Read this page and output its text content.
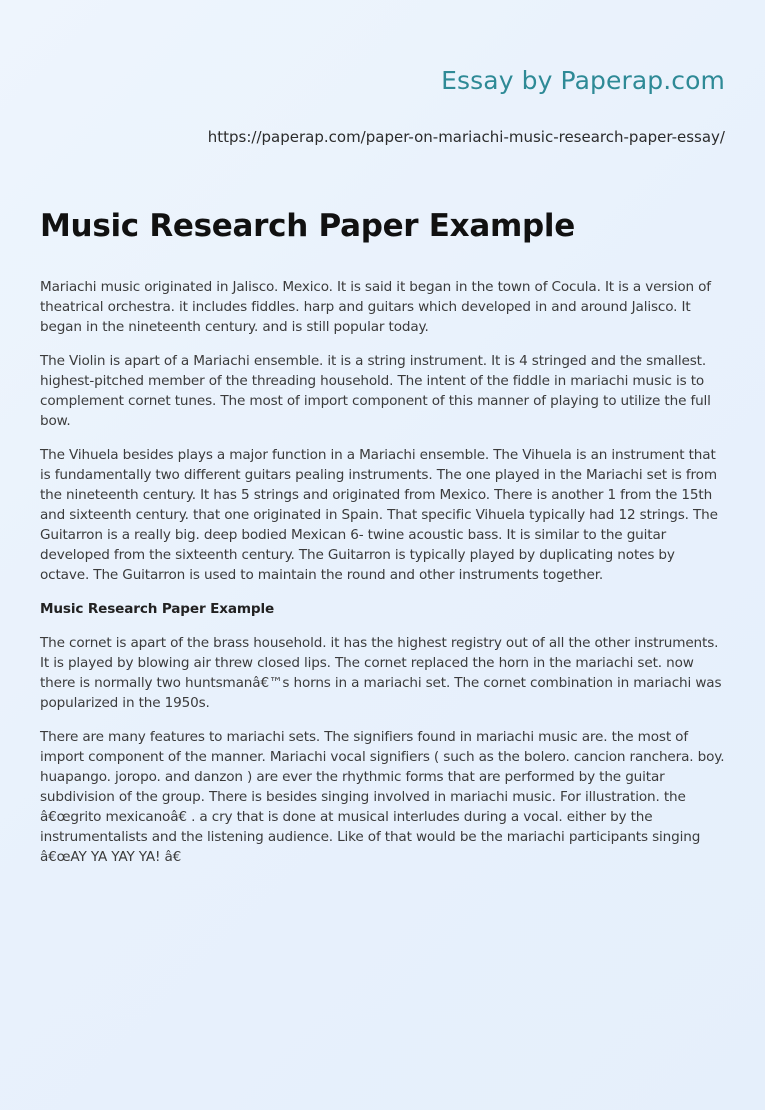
Essay by Paperap.com
https://paperap.com/paper-on-mariachi-music-research-paper-essay/
Music Research Paper Example

Mariachi music originated in Jalisco. Mexico. It is said it began in the town of Cocula. It is a version of theatrical orchestra. it includes fiddles. harp and guitars which developed in and around Jalisco. It began in the nineteenth century. and is still popular today.

The Violin is apart of a Mariachi ensemble. it is a string instrument. It is 4 stringed and the smallest. highest-pitched member of the threading household. The intent of the fiddle in mariachi music is to complement cornet tunes. The most of import component of this manner of playing to utilize the full bow.

The Vihuela besides plays a major function in a Mariachi ensemble. The Vihuela is an instrument that is fundamentally two different guitars pealing instruments. The one played in the Mariachi set is from the nineteenth century. It has 5 strings and originated from Mexico. There is another 1 from the 15th and sixteenth century. that one originated in Spain. That specific Vihuela typically had 12 strings. The Guitarron is a really big. deep bodied Mexican 6- twine acoustic bass. It is similar to the guitar developed from the sixteenth century. The Guitarron is typically played by duplicating notes by octave. The Guitarron is used to maintain the round and other instruments together.

Music Research Paper Example

The cornet is apart of the brass household. it has the highest registry out of all the other instruments. It is played by blowing air threw closed lips. The cornet replaced the horn in the mariachi set. now there is normally two huntsmanâ€™s horns in a mariachi set. The cornet combination in mariachi was popularized in the 1950s.

There are many features to mariachi sets. The signifiers found in mariachi music are. the most of import component of the manner. Mariachi vocal signifiers ( such as the bolero. cancion ranchera. boy. huapango. joropo. and danzon ) are ever the rhythmic forms that are performed by the guitar subdivision of the group. There is besides singing involved in mariachi music. For illustration. the â€œgrito mexicanoâ€ . a cry that is done at musical interludes during a vocal. either by the instrumentalists and the listening audience. Like of that would be the mariachi participants singing â€œAY YA YAY YA! â€
